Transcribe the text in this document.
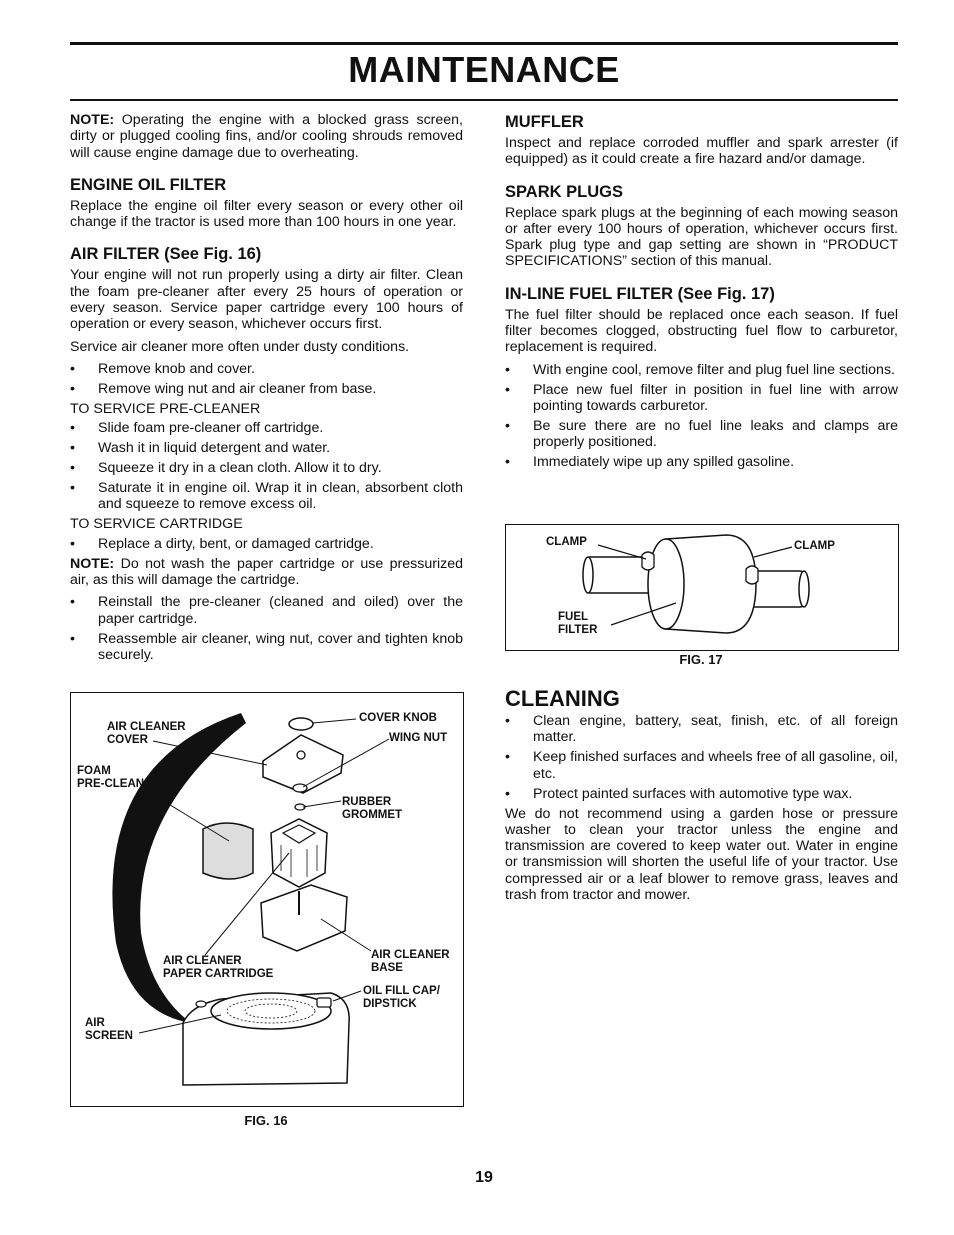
MAINTENANCE

NOTE: Operating the engine with a blocked grass screen, dirty or plugged cooling fins, and/or cooling shrouds removed will cause engine damage due to overheating.

ENGINE OIL FILTER

Replace the engine oil filter every season or every other oil change if the tractor is used more than 100 hours in one year.

AIR FILTER (See Fig. 16)

Your engine will not run properly using a dirty air filter. Clean the foam pre-cleaner after every 25 hours of operation or every season. Service paper cartridge every 100 hours of operation or every season, whichever occurs first.

Service air cleaner more often under dusty conditions.

• Remove knob and cover.
• Remove wing nut and air cleaner from base.

TO SERVICE PRE-CLEANER

• Slide foam pre-cleaner off cartridge.
• Wash it in liquid detergent and water.
• Squeeze it dry in a clean cloth. Allow it to dry.
• Saturate it in engine oil. Wrap it in clean, absorbent cloth and squeeze to remove excess oil.

TO SERVICE CARTRIDGE

• Replace a dirty, bent, or damaged cartridge.

NOTE: Do not wash the paper cartridge or use pressurized air, as this will damage the cartridge.

• Reinstall the pre-cleaner (cleaned and oiled) over the paper cartridge.
• Reassemble air cleaner, wing nut, cover and tighten knob securely.
MUFFLER

Inspect and replace corroded muffler and spark arrester (if equipped) as it could create a fire hazard and/or damage.

SPARK PLUGS

Replace spark plugs at the beginning of each mowing season or after every 100 hours of operation, whichever occurs first. Spark plug type and gap setting are shown in “PRODUCT SPECIFICATIONS” section of this manual.

IN-LINE FUEL FILTER (See Fig. 17)

The fuel filter should be replaced once each season. If fuel filter becomes clogged, obstructing fuel flow to carburetor, replacement is required.

• With engine cool, remove filter and plug fuel line sections.
• Place new fuel filter in position in fuel line with arrow pointing towards carburetor.
• Be sure there are no fuel line leaks and clamps are properly positioned.
• Immediately wipe up any spilled gasoline.
CLEANING
• Clean engine, battery, seat, finish, etc. of all foreign matter.
• Keep finished surfaces and wheels free of all gasoline, oil, etc.
• Protect painted surfaces with automotive type wax.

We do not recommend using a garden hose or pressure washer to clean your tractor unless the engine and transmission are covered to keep water out. Water in engine or transmission will shorten the useful life of your tractor. Use compressed air or a leaf blower to remove grass, leaves and trash from tractor and mower.

CLAMP	CLAMP
FUEL
FILTER
FIG. 17
AIR CLEANER
COVER
COVER KNOB
WING NUT
FOAM
PRE-CLEANER
RUBBER
GROMMET
AIR CLEANER
PAPER CARTRIDGE
AIR CLEANER
BASE
OIL FILL CAP/
DIPSTICK
AIR
SCREEN
FIG. 16
19
